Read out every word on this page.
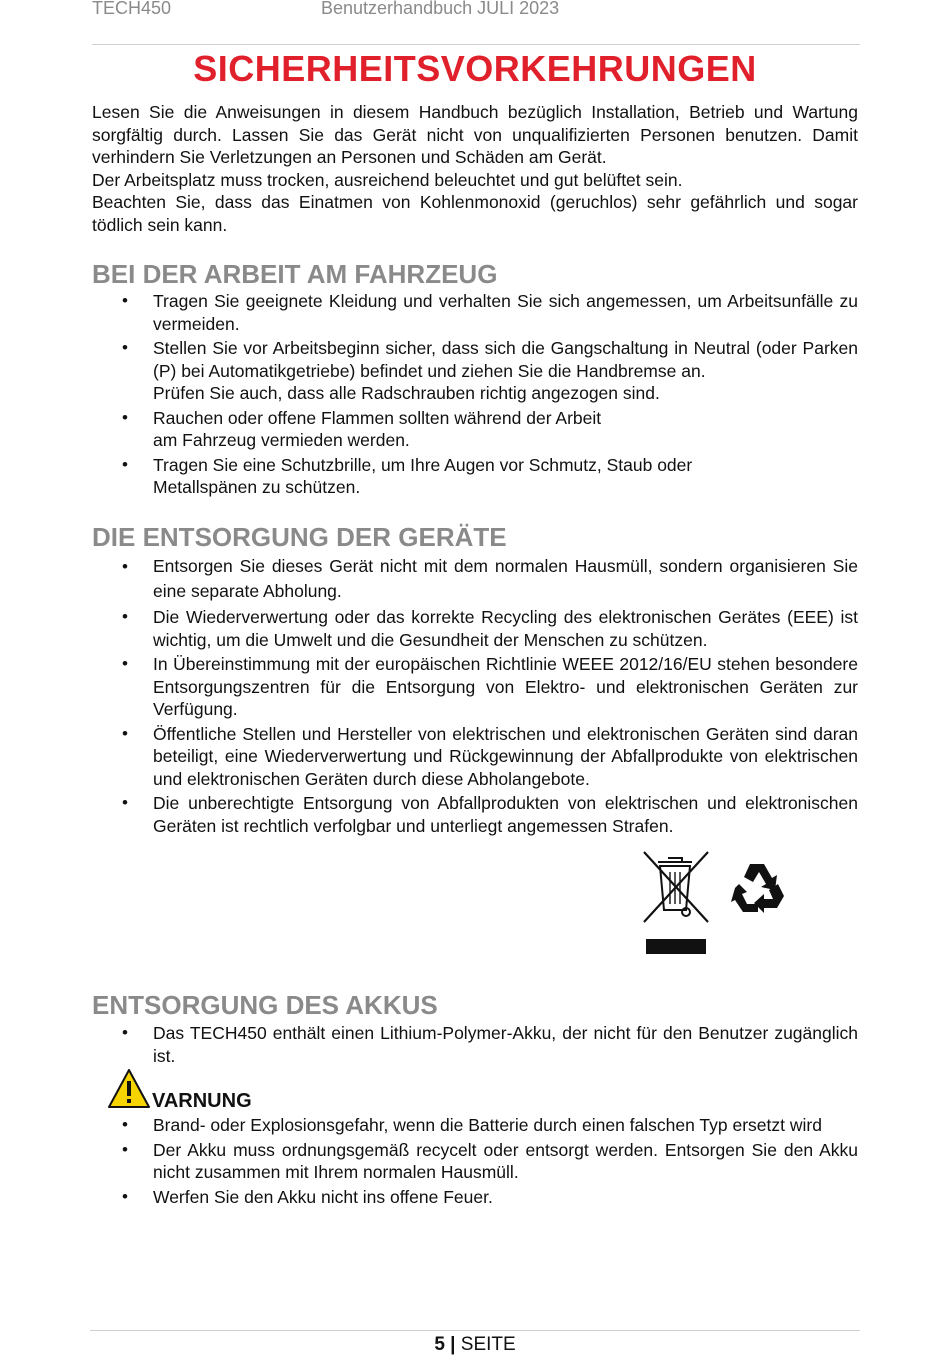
TECH450	Benutzerhandbuch JULI 2023
SICHERHEITSVORKEHRUNGEN

Lesen Sie die Anweisungen in diesem Handbuch bezüglich Installation, Betrieb und Wartung sorgfältig durch. Lassen Sie das Gerät nicht von unqualifizierten Personen benutzen. Damit verhindern Sie Verletzungen an Personen und Schäden am Gerät.

Der Arbeitsplatz muss trocken, ausreichend beleuchtet und gut belüftet sein.

Beachten Sie, dass das Einatmen von Kohlenmonoxid (geruchlos) sehr gefährlich und sogar tödlich sein kann.

BEI DER ARBEIT AM FAHRZEUG
• Tragen Sie geeignete Kleidung und verhalten Sie sich angemessen, um Arbeitsunfälle zu vermeiden.
• Stellen Sie vor Arbeitsbeginn sicher, dass sich die Gangschaltung in Neutral (oder Parken (P) bei Automatikgetriebe) befindet und ziehen Sie die Handbremse an.
Prüfen Sie auch, dass alle Radschrauben richtig angezogen sind.
• Rauchen oder offene Flammen sollten während der Arbeit
am Fahrzeug vermieden werden.
• Tragen Sie eine Schutzbrille, um Ihre Augen vor Schmutz, Staub oder
Metallspänen zu schützen.
DIE ENTSORGUNG DER GERÄTE
• Entsorgen Sie dieses Gerät nicht mit dem normalen Hausmüll, sondern organisieren Sie eine separate Abholung.
• Die Wiederverwertung oder das korrekte Recycling des elektronischen Gerätes (EEE) ist wichtig, um die Umwelt und die Gesundheit der Menschen zu schützen.
• In Übereinstimmung mit der europäischen Richtlinie WEEE 2012/16/EU stehen besondere Entsorgungszentren für die Entsorgung von Elektro- und elektronischen Geräten zur Verfügung.
• Öffentliche Stellen und Hersteller von elektrischen und elektronischen Geräten sind daran beteiligt, eine Wiederverwertung und Rückgewinnung der Abfallprodukte von elektrischen und elektronischen Geräten durch diese Abholangebote.
• Die unberechtigte Entsorgung von Abfallprodukten von elektrischen und elektronischen Geräten ist rechtlich verfolgbar und unterliegt angemessen Strafen.
ENTSORGUNG DES AKKUS
• Das TECH450 enthält einen Lithium-Polymer-Akku, der nicht für den Benutzer zugänglich ist.
VARNUNG
• Brand- oder Explosionsgefahr, wenn die Batterie durch einen falschen Typ ersetzt wird
• Der Akku muss ordnungsgemäß recycelt oder entsorgt werden. Entsorgen Sie den Akku nicht zusammen mit Ihrem normalen Hausmüll.
• Werfen Sie den Akku nicht ins offene Feuer.
5 | SEITE
